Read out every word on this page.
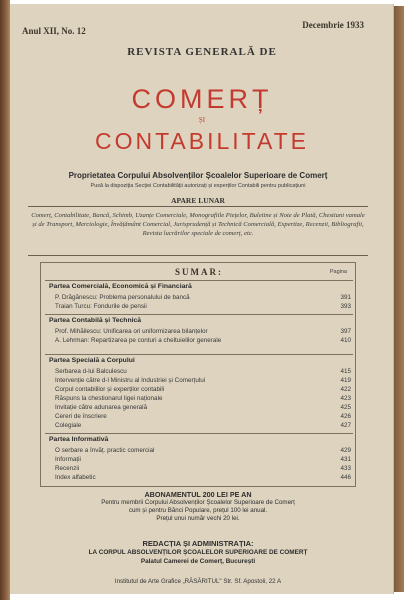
Anul XII, No. 12
Decembrie 1933
REVISTA GENERALĂ DE
COMERȚ
ȘI
CONTABILITATE
Proprietatea Corpului Absolvenților Școalelor Superioare de Comerț
Pusă la dispoziția Secției Contabilității autorizați și experților Contabili pentru publicațiuni
APARE LUNAR
Comerț, Contabilitate, Bancă, Schimb, Uzanțe Comerciale, Monografiile Piețelor, Buletine și Note de Plată, Chestiuni vamale și de Transport, Merciologie, Învățământ Comercial, Jurisprudență și Technică Comercială, Expertize, Recenzii, Bibliografii, Revista lucrărilor speciale de comerț, etc.
SUMAR:	Pagina
Partea Comercială, Economică și Financiară
P. Drăgănescu: Problema personalului de bancă	391
Traian Turcu: Fondurile de pensii	393
Partea Contabilă și Technică
Prof. Mihăilescu: Unificarea ori uniformizarea bilanțelor	397
A. Lehrman: Repartizarea pe conturi a cheltuielilor generale	410
Partea Specială a Corpului
Serbarea d-lui Balculescu	415
Intervenție către d-l Ministru al Industriei și Comerțului	419
Corpul contabililor și experților contabili	422
Răspuns la chestionarul ligei naționale	423
Invitație către adunarea generală	425
Cereri de înscriere	426
Colegiale	427
Partea Informativă
O serbare a învăț. practic comercial	429
Informații	431
Recenzii	433
Index alfabetic	446
ABONAMENTUL 200 LEI PE AN
Pentru membrii Corpului Absolvenților Școalelor Superioare de Comerț
cum și pentru Bănci Populare, prețul 100 lei anual.
Prețul unui număr vechi 20 lei.
REDACȚIA ȘI ADMINISTRAȚIA:
LA CORPUL ABSOLVENȚILOR ȘCOALELOR SUPERIOARE DE COMERȚ
Palatul Camerei de Comerț, București
Institutul de Arte Grafice „RĂSĂRITUL" Str. Sf. Apostoli, 22 A
